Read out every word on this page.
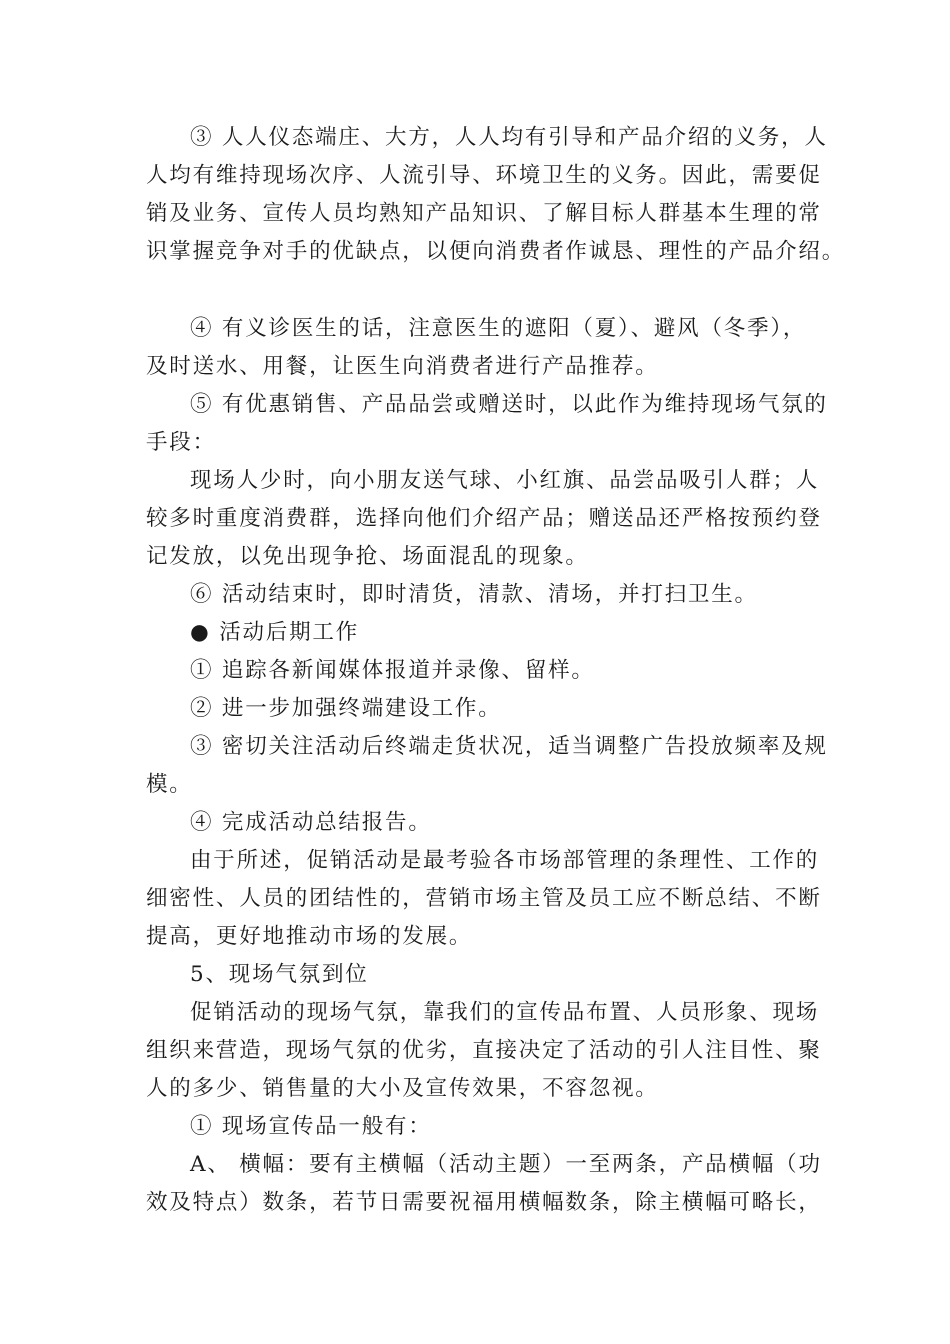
③ 人人仪态端庄、大方，人人均有引导和产品介绍的义务，人
人均有维持现场次序、人流引导、环境卫生的义务。因此，需要促
销及业务、宣传人员均熟知产品知识、了解目标人群基本生理的常
识掌握竞争对手的优缺点，以便向消费者作诚恳、理性的产品介绍。
④ 有义诊医生的话，注意医生的遮阳（夏）、避风（冬季），
及时送水、用餐，让医生向消费者进行产品推荐。
⑤ 有优惠销售、产品品尝或赠送时，以此作为维持现场气氛的
手段：
现场人少时，向小朋友送气球、小红旗、品尝品吸引人群；人
较多时重度消费群，选择向他们介绍产品；赠送品还严格按预约登
记发放，以免出现争抢、场面混乱的现象。
⑥ 活动结束时，即时清货，清款、清场，并打扫卫生。
● 活动后期工作
① 追踪各新闻媒体报道并录像、留样。
② 进一步加强终端建设工作。
③ 密切关注活动后终端走货状况，适当调整广告投放频率及规
模。
④ 完成活动总结报告。
由于所述，促销活动是最考验各市场部管理的条理性、工作的
细密性、人员的团结性的，营销市场主管及员工应不断总结、不断
提高，更好地推动市场的发展。
5、现场气氛到位
促销活动的现场气氛，靠我们的宣传品布置、人员形象、现场
组织来营造，现场气氛的优劣，直接决定了活动的引人注目性、聚
人的多少、销售量的大小及宣传效果，不容忽视。
① 现场宣传品一般有：
A、 横幅：要有主横幅（活动主题）一至两条，产品横幅（功
效及特点）数条，若节日需要祝福用横幅数条，除主横幅可略长，
